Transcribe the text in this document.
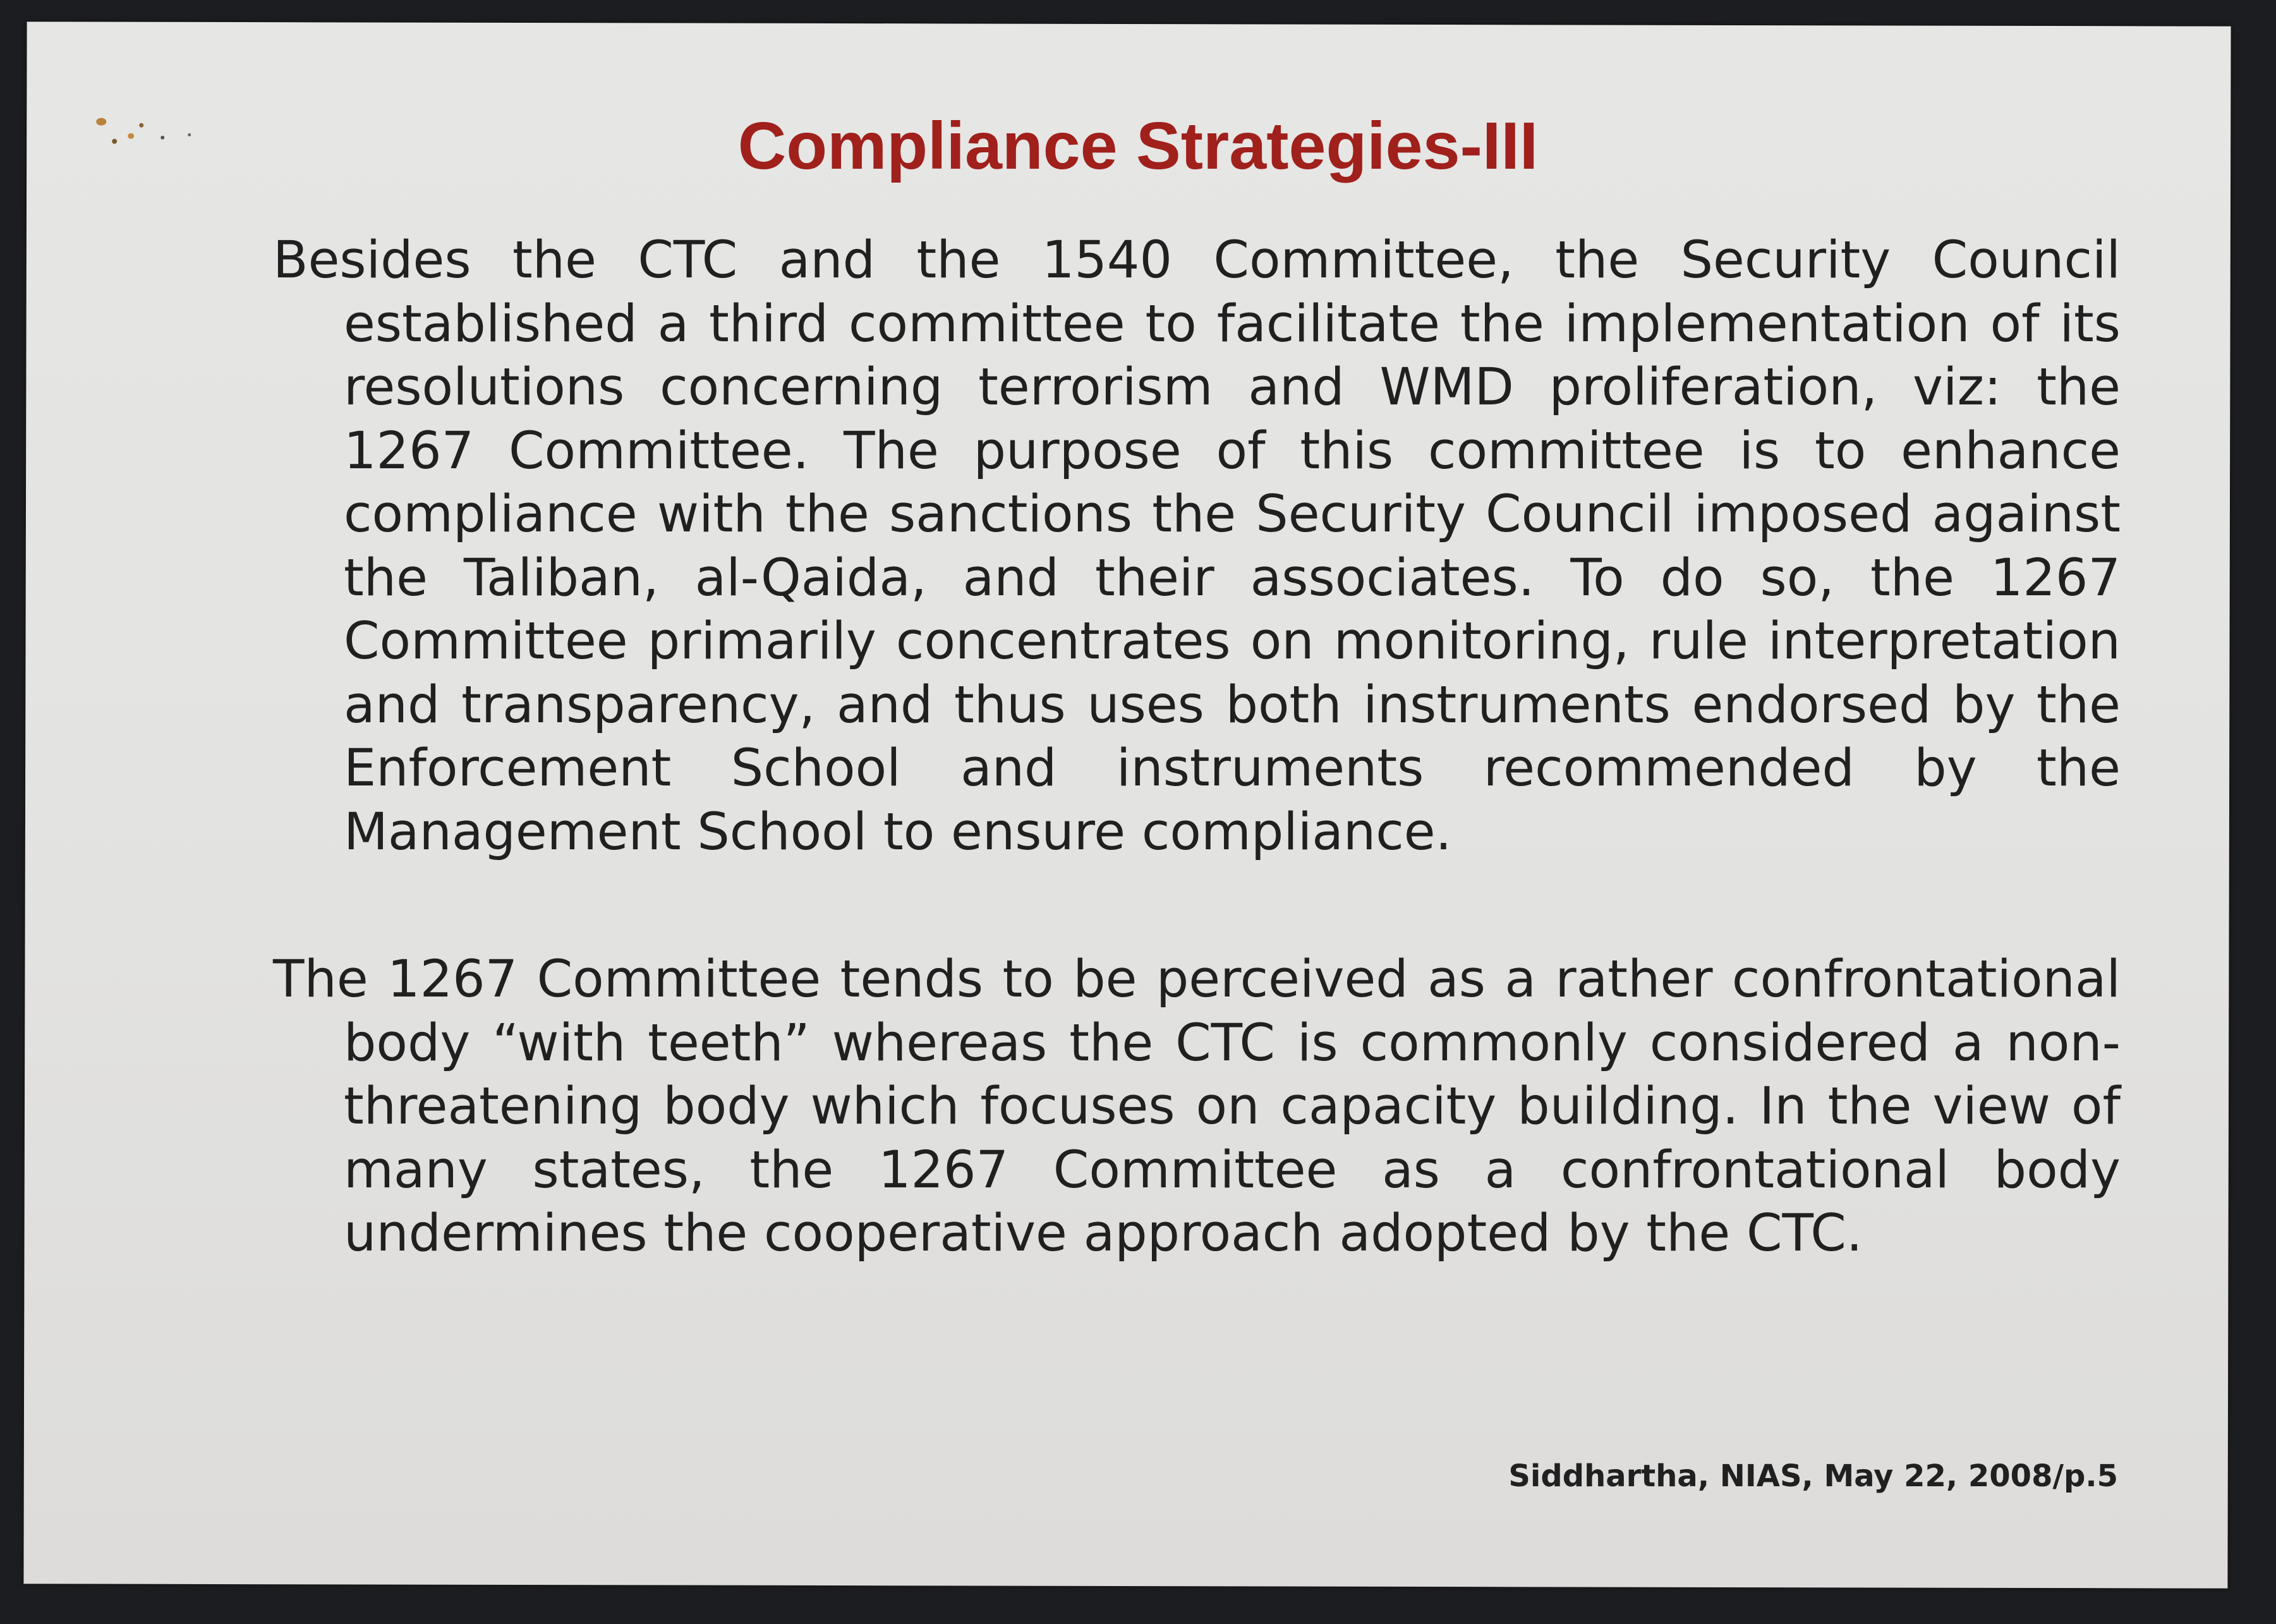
Compliance Strategies-III

Besides the CTC and the 1540 Committee, the Security Council established a third committee to facilitate the implementation of its resolutions concerning terrorism and WMD proliferation, viz: the 1267 Committee. The purpose of this committee is to enhance compliance with the sanctions the Security Council imposed against the Taliban, al-Qaida, and their associates. To do so, the 1267 Committee primarily concentrates on monitoring, rule interpretation and transparency, and thus uses both instruments endorsed by the Enforcement School and instruments recommended by the Management School to ensure compliance.

The 1267 Committee tends to be perceived as a rather confrontational body “with teeth” whereas the CTC is commonly considered a non-threatening body which focuses on capacity building. In the view of many states, the 1267 Committee as a confrontational body undermines the cooperative approach adopted by the CTC.

Siddhartha, NIAS, May 22, 2008/p.5
